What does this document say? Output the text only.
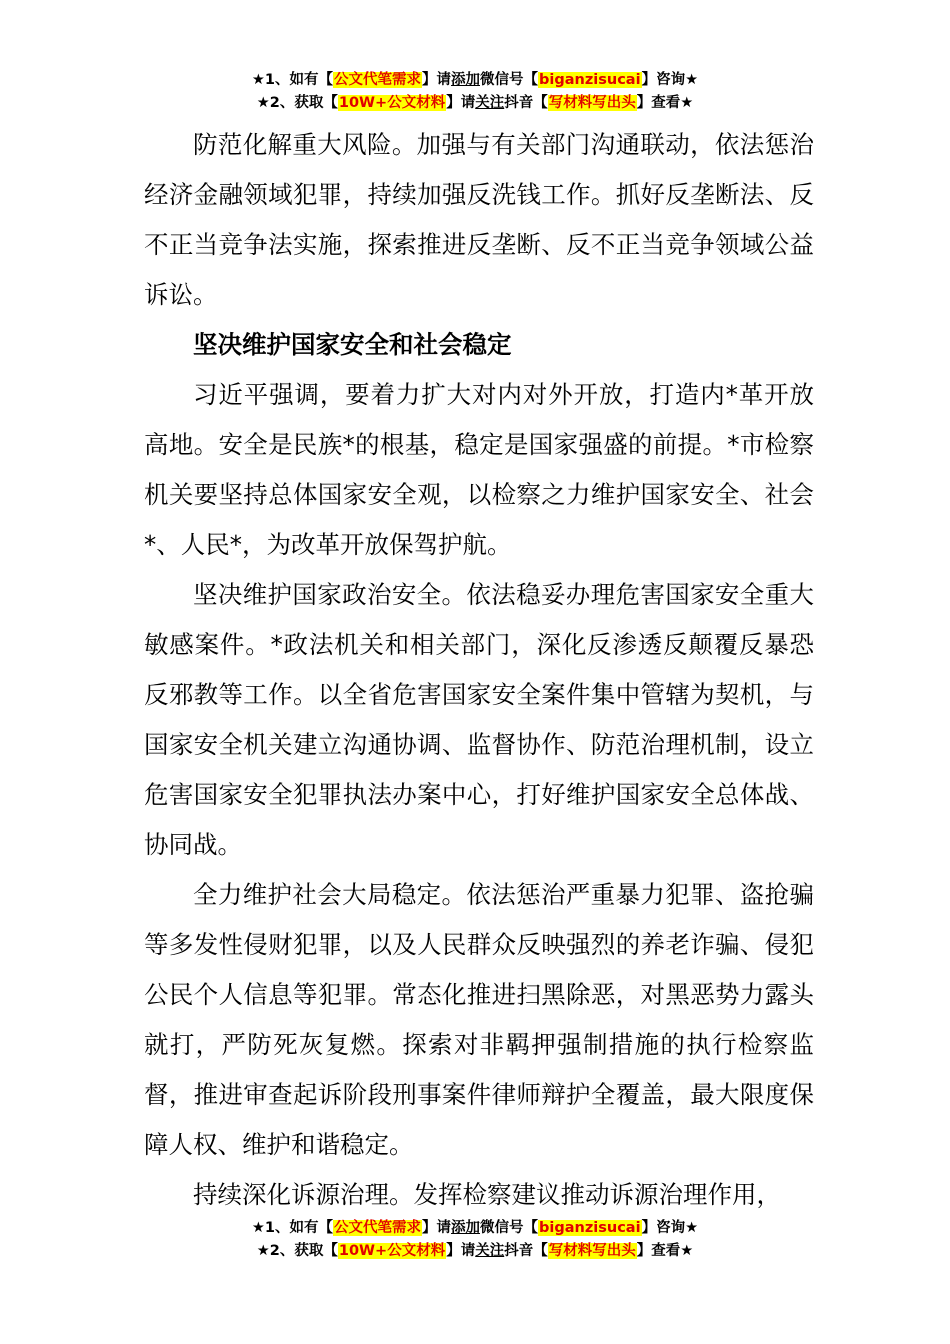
★1、如有【公文代笔需求】请添加微信号【biganzisucai】咨询★
★2、获取【10W+公文材料】请关注抖音【写材料写出头】查看★

防范化解重大风险。加强与有关部门沟通联动，依法惩治经济金融领域犯罪，持续加强反洗钱工作。抓好反垄断法、反不正当竞争法实施，探索推进反垄断、反不正当竞争领域公益诉讼。

坚决维护国家安全和社会稳定

习近平强调，要着力扩大对内对外开放，打造内*革开放高地。安全是民族*的根基，稳定是国家强盛的前提。*市检察机关要坚持总体国家安全观，以检察之力维护国家安全、社会*、人民*，为改革开放保驾护航。

坚决维护国家政治安全。依法稳妥办理危害国家安全重大敏感案件。*政法机关和相关部门，深化反渗透反颠覆反暴恐反邪教等工作。以全省危害国家安全案件集中管辖为契机，与国家安全机关建立沟通协调、监督协作、防范治理机制，设立危害国家安全犯罪执法办案中心，打好维护国家安全总体战、协同战。

全力维护社会大局稳定。依法惩治严重暴力犯罪、盗抢骗等多发性侵财犯罪，以及人民群众反映强烈的养老诈骗、侵犯公民个人信息等犯罪。常态化推进扫黑除恶，对黑恶势力露头就打，严防死灰复燃。探索对非羁押强制措施的执行检察监督，推进审查起诉阶段刑事案件律师辩护全覆盖，最大限度保障人权、维护和谐稳定。

持续深化诉源治理。发挥检察建议推动诉源治理作用，

★1、如有【公文代笔需求】请添加微信号【biganzisucai】咨询★
★2、获取【10W+公文材料】请关注抖音【写材料写出头】查看★
